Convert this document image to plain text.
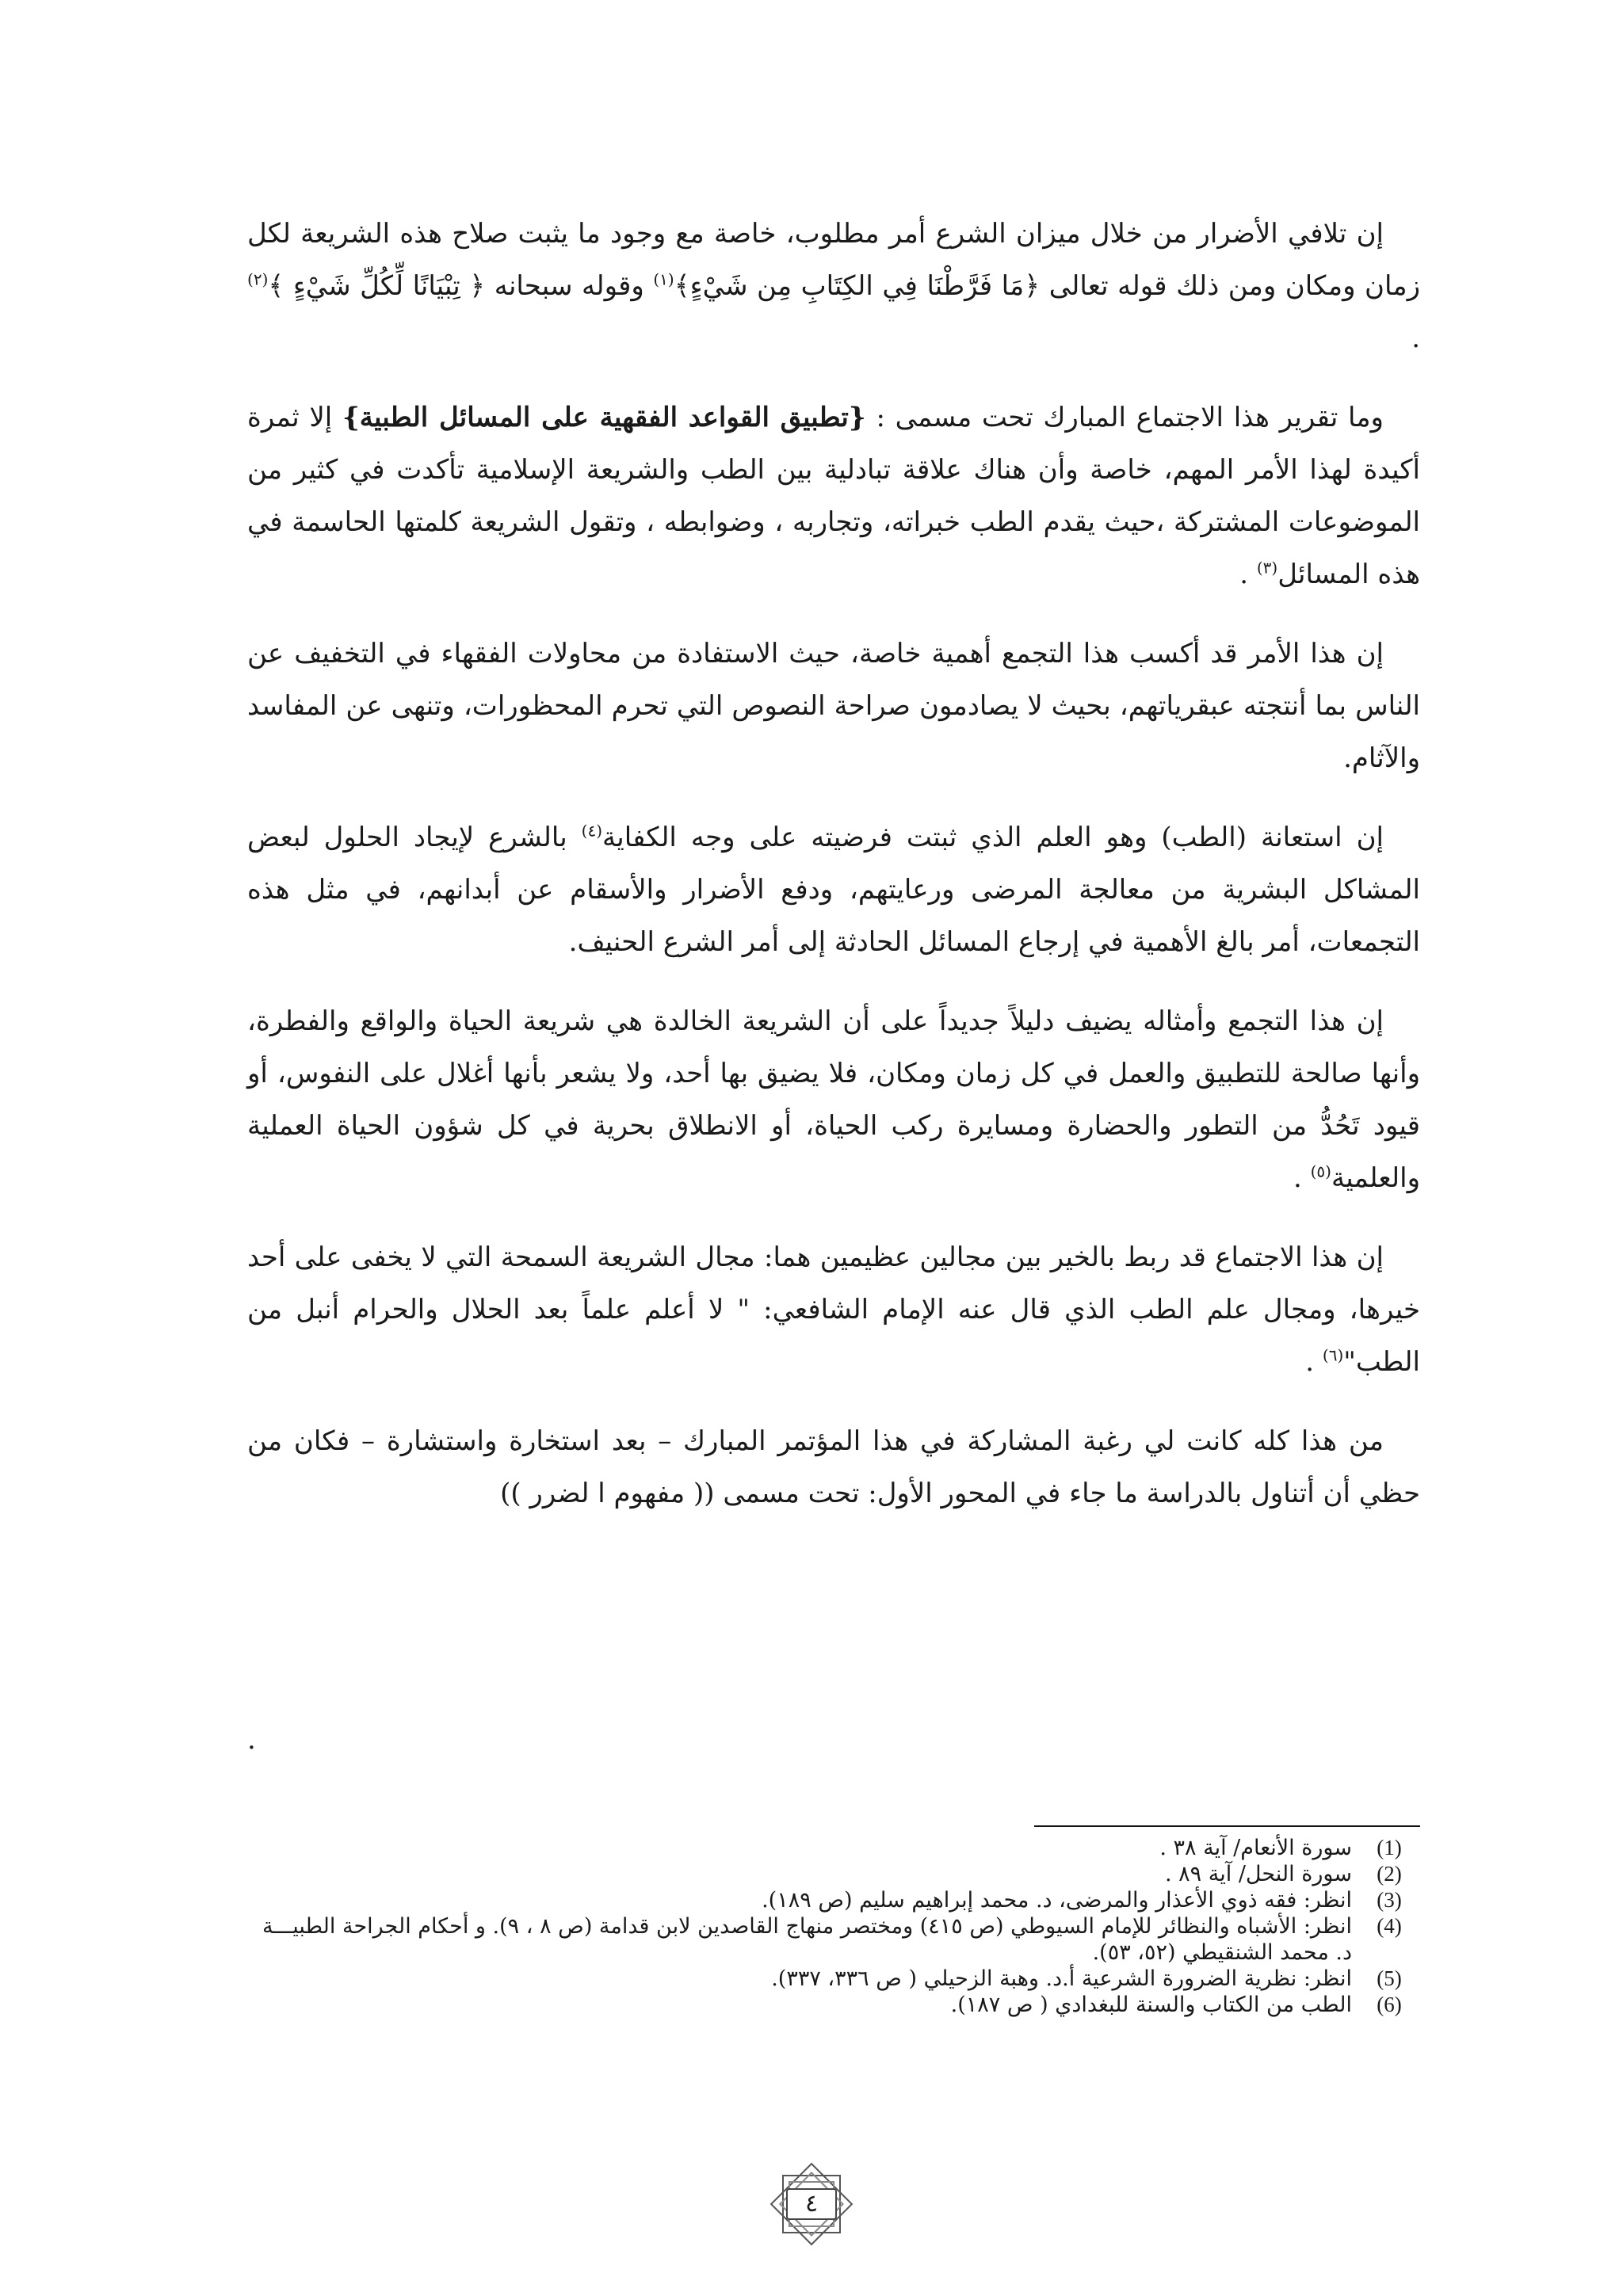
إن تلافي الأضرار من خلال ميزان الشرع أمر مطلوب، خاصة مع وجود ما يثبت صلاح هذه الشريعة لكل زمان ومكان ومن ذلك قوله تعالى ﴿مَا فَرَّطْنَا فِي الكِتَابِ مِن شَيْءٍ﴾$^{(١)}$ وقوله سبحانه ﴿ تِبْيَانًا لِّكُلِّ شَيْءٍ ﴾$^{(٢)}$ .

وما تقرير هذا الاجتماع المبارك تحت مسمى : {تطبيق القواعد الفقهية على المسائل الطبية} إلا ثمرة أكيدة لهذا الأمر المهم، خاصة وأن هناك علاقة تبادلية بين الطب والشريعة الإسلامية تأكدت في كثير من الموضوعات المشتركة ،حيث يقدم الطب خبراته، وتجاربه ، وضوابطه ، وتقول الشريعة كلمتها الحاسمة في هذه المسائل$^{(٣)}$ .

إن هذا الأمر قد أكسب هذا التجمع أهمية خاصة، حيث الاستفادة من محاولات الفقهاء في التخفيف عن الناس بما أنتجته عبقرياتهم، بحيث لا يصادمون صراحة النصوص التي تحرم المحظورات، وتنهى عن المفاسد والآثام.

إن استعانة (الطب) وهو العلم الذي ثبتت فرضيته على وجه الكفاية$^{(٤)}$ بالشرع لإيجاد الحلول لبعض المشاكل البشرية من معالجة المرضى ورعايتهم، ودفع الأضرار والأسقام عن أبدانهم، في مثل هذه التجمعات، أمر بالغ الأهمية في إرجاع المسائل الحادثة إلى أمر الشرع الحنيف.

إن هذا التجمع وأمثاله يضيف دليلاً جديداً على أن الشريعة الخالدة هي شريعة الحياة والواقع والفطرة، وأنها صالحة للتطبيق والعمل في كل زمان ومكان، فلا يضيق بها أحد، ولا يشعر بأنها أغلال على النفوس، أو قيود تَحُدُّ من التطور والحضارة ومسايرة ركب الحياة، أو الانطلاق بحرية في كل شؤون الحياة العملية والعلمية$^{(٥)}$ .

إن هذا الاجتماع قد ربط بالخير بين مجالين عظيمين هما: مجال الشريعة السمحة التي لا يخفى على أحد خيرها، ومجال علم الطب الذي قال عنه الإمام الشافعي: " لا أعلم علماً بعد الحلال والحرام أنبل من الطب"$^{(٦)}$ .

من هذا كله كانت لي رغبة المشاركة في هذا المؤتمر المبارك – بعد استخارة واستشارة – فكان من حظي أن أتناول بالدراسة ما جاء في المحور الأول: تحت مسمى (( مفهوم ا لضرر ))

.
(1)
سورة الأنعام/ آية ٣٨ .
(2)
سورة النحل/ آية ٨٩ .
(3)
انظر: فقه ذوي الأعذار والمرضى، د. محمد إبراهيم سليم (ص ١٨٩).
(4)
انظر: الأشباه والنظائر للإمام السيوطي (ص ٤١٥) ومختصر منهاج القاصدين لابن قدامة (ص ٨ ، ٩). و أحكام الجراحة الطبيـــة د. محمد الشنقيطي (٥٢، ٥٣).
(5)
انظر: نظرية الضرورة الشرعية أ.د. وهبة الزحيلي ( ص ٣٣٦، ٣٣٧).
(6)
الطب من الكتاب والسنة للبغدادي ( ص ١٨٧).
٤
